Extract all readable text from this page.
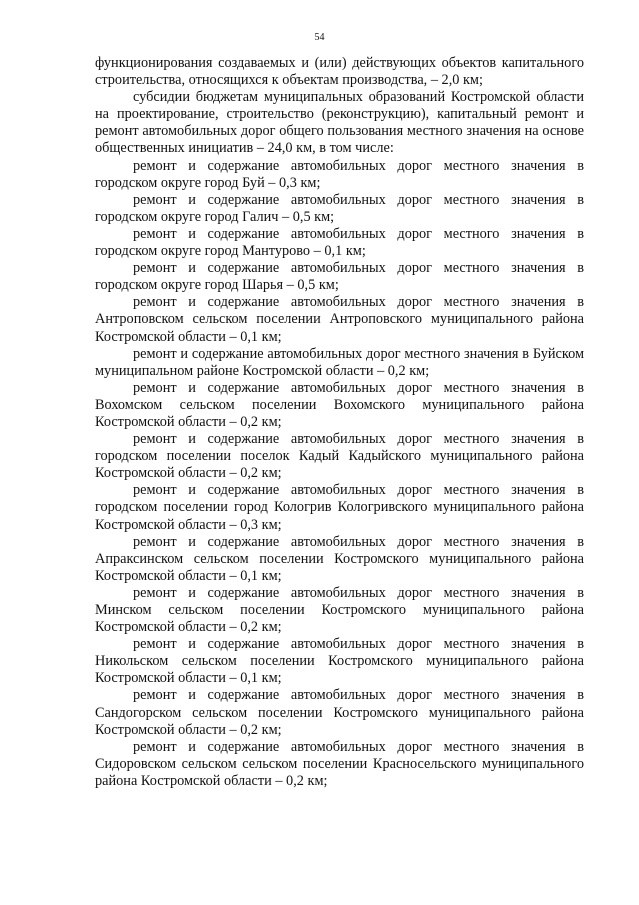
54

функционирования создаваемых и (или) действующих объектов капитального строительства, относящихся к объектам производства, – 2,0 км;

субсидии бюджетам муниципальных образований Костромской области на проектирование, строительство (реконструкцию), капитальный ремонт и ремонт автомобильных дорог общего пользования местного значения на основе общественных инициатив – 24,0 км, в том числе:

ремонт и содержание автомобильных дорог местного значения в городском округе город Буй – 0,3 км;

ремонт и содержание автомобильных дорог местного значения в городском округе город Галич – 0,5 км;

ремонт и содержание автомобильных дорог местного значения в городском округе город Мантурово – 0,1 км;

ремонт и содержание автомобильных дорог местного значения в городском округе город Шарья – 0,5 км;

ремонт и содержание автомобильных дорог местного значения в Антроповском сельском поселении Антроповского муниципального района Костромской области – 0,1 км;

ремонт и содержание автомобильных дорог местного значения в Буйском муниципальном районе Костромской области – 0,2 км;

ремонт и содержание автомобильных дорог местного значения в Вохомском сельском поселении Вохомского муниципального района Костромской области – 0,2 км;

ремонт и содержание автомобильных дорог местного значения в городском поселении поселок Кадый Кадыйского муниципального района Костромской области – 0,2 км;

ремонт и содержание автомобильных дорог местного значения в городском поселении город Кологрив Кологривского муниципального района Костромской области – 0,3 км;

ремонт и содержание автомобильных дорог местного значения в Апраксинском сельском поселении Костромского муниципального района Костромской области – 0,1 км;

ремонт и содержание автомобильных дорог местного значения в Минском сельском поселении Костромского муниципального района Костромской области – 0,2 км;

ремонт и содержание автомобильных дорог местного значения в Никольском сельском поселении Костромского муниципального района Костромской области – 0,1 км;

ремонт и содержание автомобильных дорог местного значения в Сандогорском сельском поселении Костромского муниципального района Костромской области – 0,2 км;

ремонт и содержание автомобильных дорог местного значения в Сидоровском сельском сельском поселении Красносельского муниципального района Костромской области – 0,2 км;
